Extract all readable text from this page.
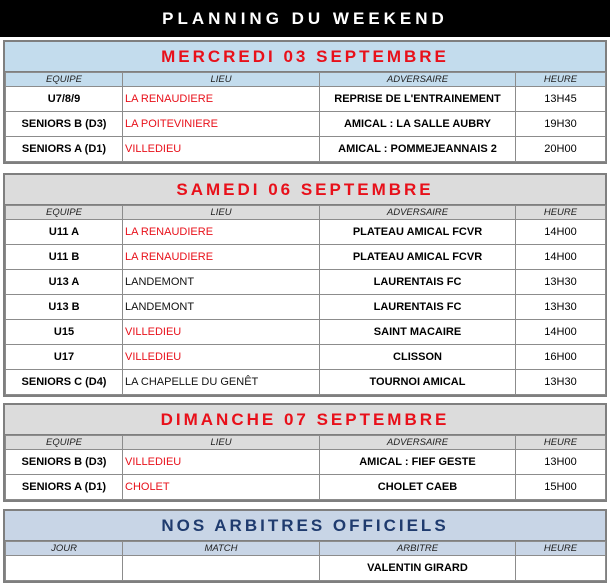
PLANNING DU WEEKEND
MERCREDI 03 SEPTEMBRE
EQUIPE	LIEU	ADVERSAIRE	HEURE
U7/8/9	LA RENAUDIERE	REPRISE DE L'ENTRAINEMENT	13H45
SENIORS B (D3)	LA POITEVINIERE	AMICAL : LA SALLE AUBRY	19H30
SENIORS A (D1)	VILLEDIEU	AMICAL : POMMEJEANNAIS 2	20H00
SAMEDI 06 SEPTEMBRE
EQUIPE	LIEU	ADVERSAIRE	HEURE
U11 A	LA RENAUDIERE	PLATEAU AMICAL FCVR	14H00
U11 B	LA RENAUDIERE	PLATEAU AMICAL FCVR	14H00
U13 A	LANDEMONT	LAURENTAIS FC	13H30
U13 B	LANDEMONT	LAURENTAIS FC	13H30
U15	VILLEDIEU	SAINT MACAIRE	14H00
U17	VILLEDIEU	CLISSON	16H00
SENIORS C (D4)	LA CHAPELLE DU GENÊT	TOURNOI AMICAL	13H30
DIMANCHE 07 SEPTEMBRE
EQUIPE	LIEU	ADVERSAIRE	HEURE
SENIORS B (D3)	VILLEDIEU	AMICAL : FIEF GESTE	13H00
SENIORS A (D1)	CHOLET	CHOLET CAEB	15H00
NOS ARBITRES OFFICIELS
JOUR	MATCH	ARBITRE	HEURE
		VALENTIN GIRARD	
